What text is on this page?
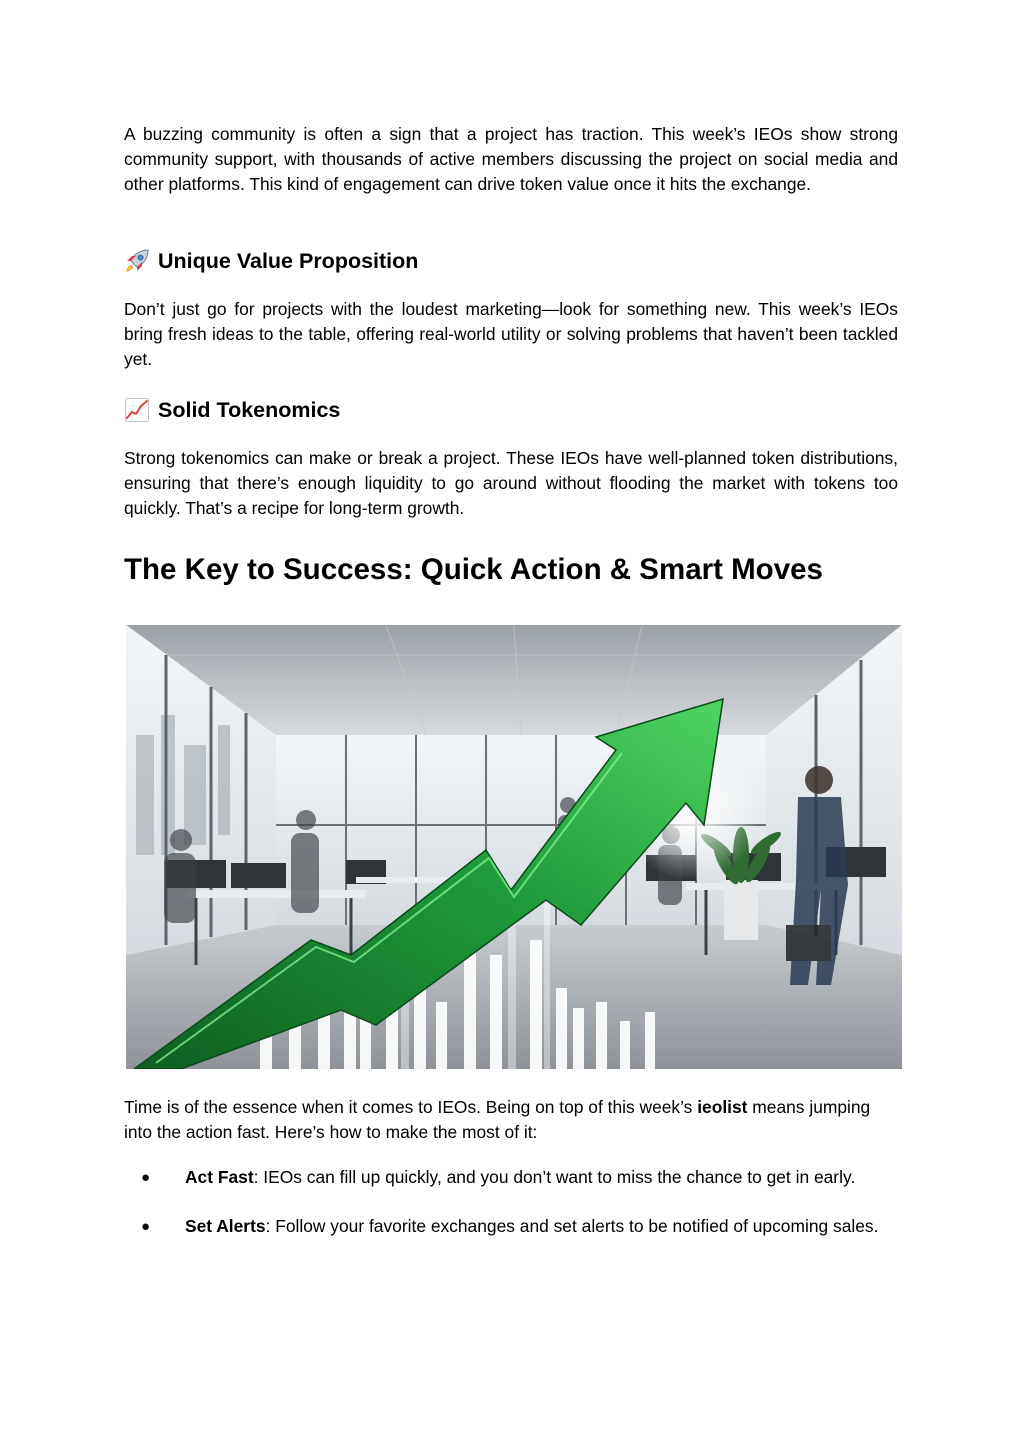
A buzzing community is often a sign that a project has traction. This week’s IEOs show strong community support, with thousands of active members discussing the project on social media and other platforms. This kind of engagement can drive token value once it hits the exchange.

Unique Value Proposition

Don’t just go for projects with the loudest marketing—look for something new. This week’s IEOs bring fresh ideas to the table, offering real-world utility or solving problems that haven’t been tackled yet.

Solid Tokenomics

Strong tokenomics can make or break a project. These IEOs have well-planned token distributions, ensuring that there’s enough liquidity to go around without flooding the market with tokens too quickly. That’s a recipe for long-term growth.

The Key to Success: Quick Action & Smart Moves

Time is of the essence when it comes to IEOs. Being on top of this week’s ieolist means jumping into the action fast. Here’s how to make the most of it:

● Act Fast: IEOs can fill up quickly, and you don’t want to miss the chance to get in early.
● Set Alerts: Follow your favorite exchanges and set alerts to be notified of upcoming sales.
